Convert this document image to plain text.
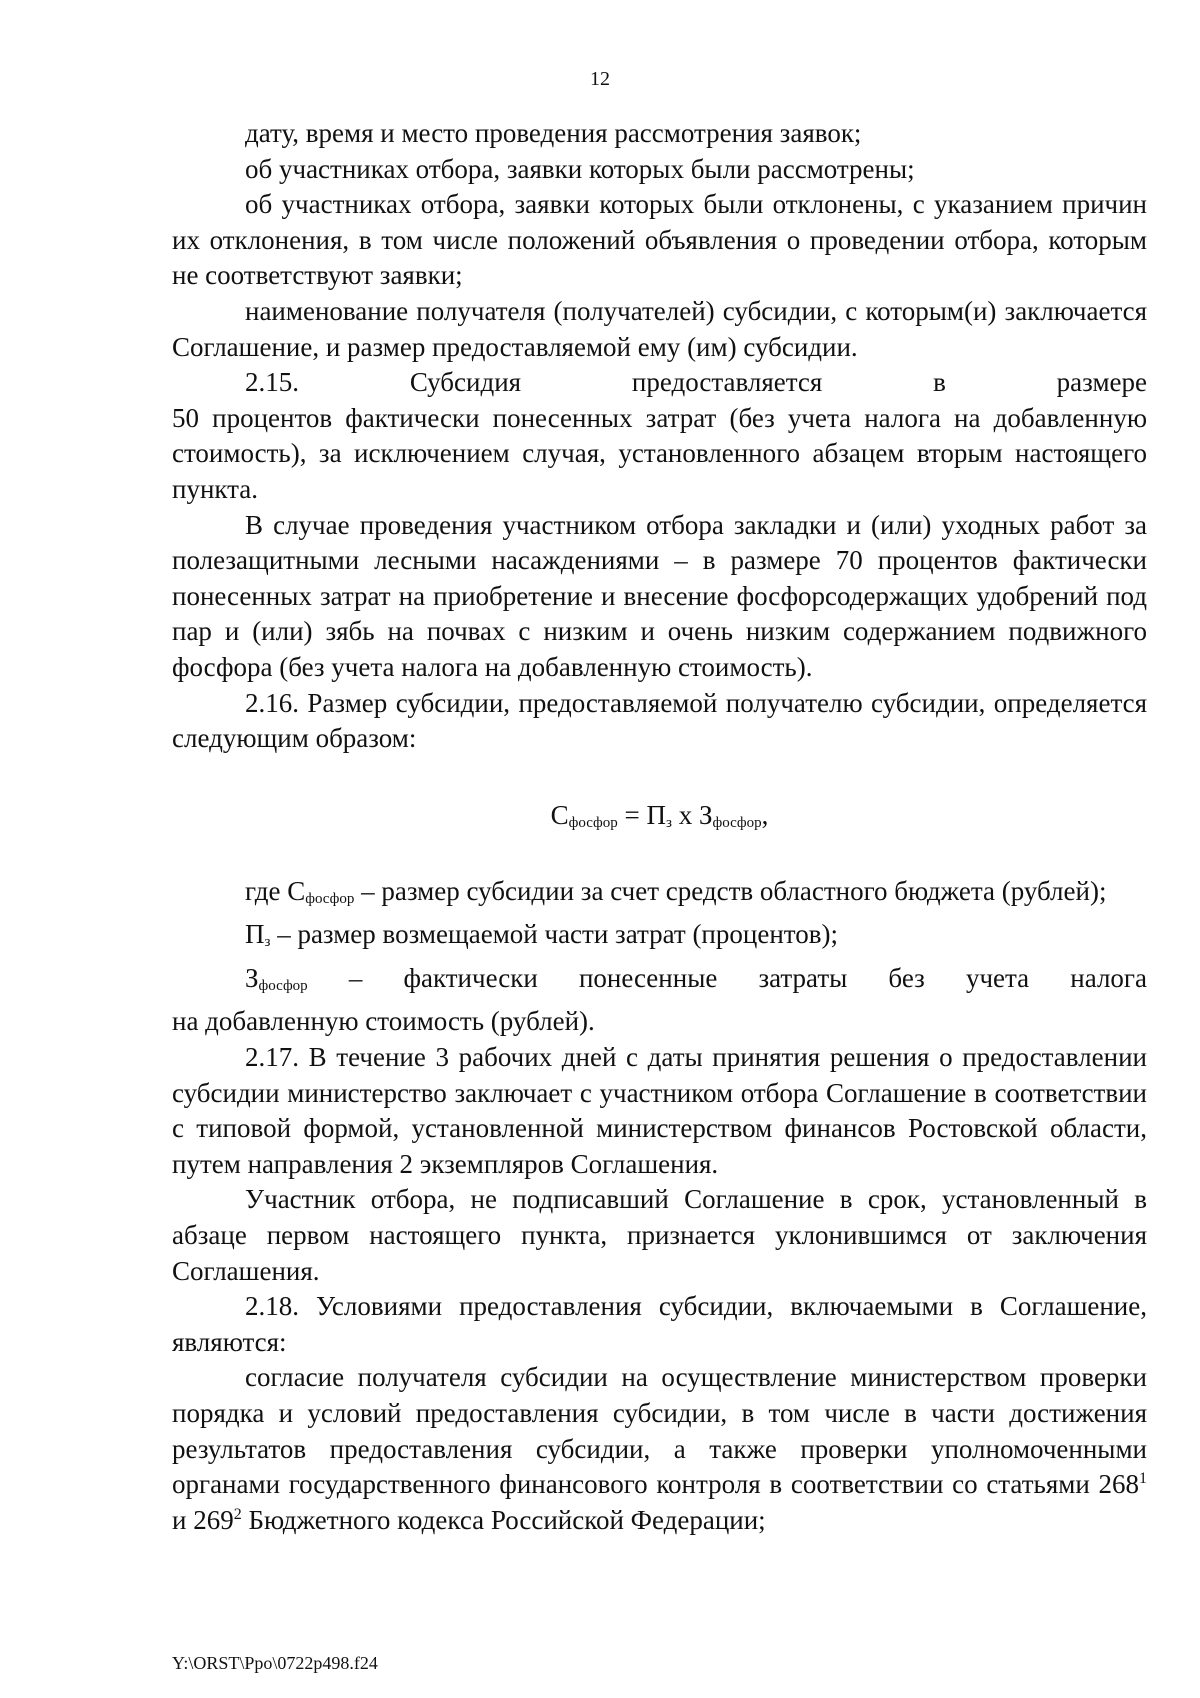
12

дату, время и место проведения рассмотрения заявок;

об участниках отбора, заявки которых были рассмотрены;

об участниках отбора, заявки которых были отклонены, с указанием причин их отклонения, в том числе положений объявления о проведении отбора, которым не соответствуют заявки;

наименование получателя (получателей) субсидии, с которым(и) заключается Соглашение, и размер предоставляемой ему (им) субсидии.

2.15. Субсидия предоставляется в размере

50 процентов фактически понесенных затрат (без учета налога на добавленную стоимость), за исключением случая, установленного абзацем вторым настоящего пункта.

В случае проведения участником отбора закладки и (или) уходных работ за полезащитными лесными насаждениями – в размере 70 процентов фактически понесенных затрат на приобретение и внесение фосфорсодержащих удобрений под пар и (или) зябь на почвах с низким и очень низким содержанием подвижного фосфора (без учета налога на добавленную стоимость).

2.16. Размер субсидии, предоставляемой получателю субсидии, определяется следующим образом:

$С_{фосфор} = П_з$ х $З_{фосфор}$,

где $С_{фосфор}$ – размер субсидии за счет средств областного бюджета (рублей);

$П_з$ – размер возмещаемой части затрат (процентов);

$З_{фосфор}$ – фактически понесенные затраты без учета налога

на добавленную стоимость (рублей).

2.17. В течение 3 рабочих дней с даты принятия решения о предоставлении субсидии министерство заключает с участником отбора Соглашение в соответствии с типовой формой, установленной министерством финансов Ростовской области, путем направления 2 экземпляров Соглашения.

Участник отбора, не подписавший Соглашение в срок, установленный в абзаце первом настоящего пункта, признается уклонившимся от заключения Соглашения.

2.18. Условиями предоставления субсидии, включаемыми в Соглашение, являются:

согласие получателя субсидии на осуществление министерством проверки порядка и условий предоставления субсидии, в том числе в части достижения результатов предоставления субсидии, а также проверки уполномоченными органами государственного финансового контроля в соответствии со статьями $268^1$ и $269^2$ Бюджетного кодекса Российской Федерации;

Y:\ORST\Ppo\0722p498.f24
